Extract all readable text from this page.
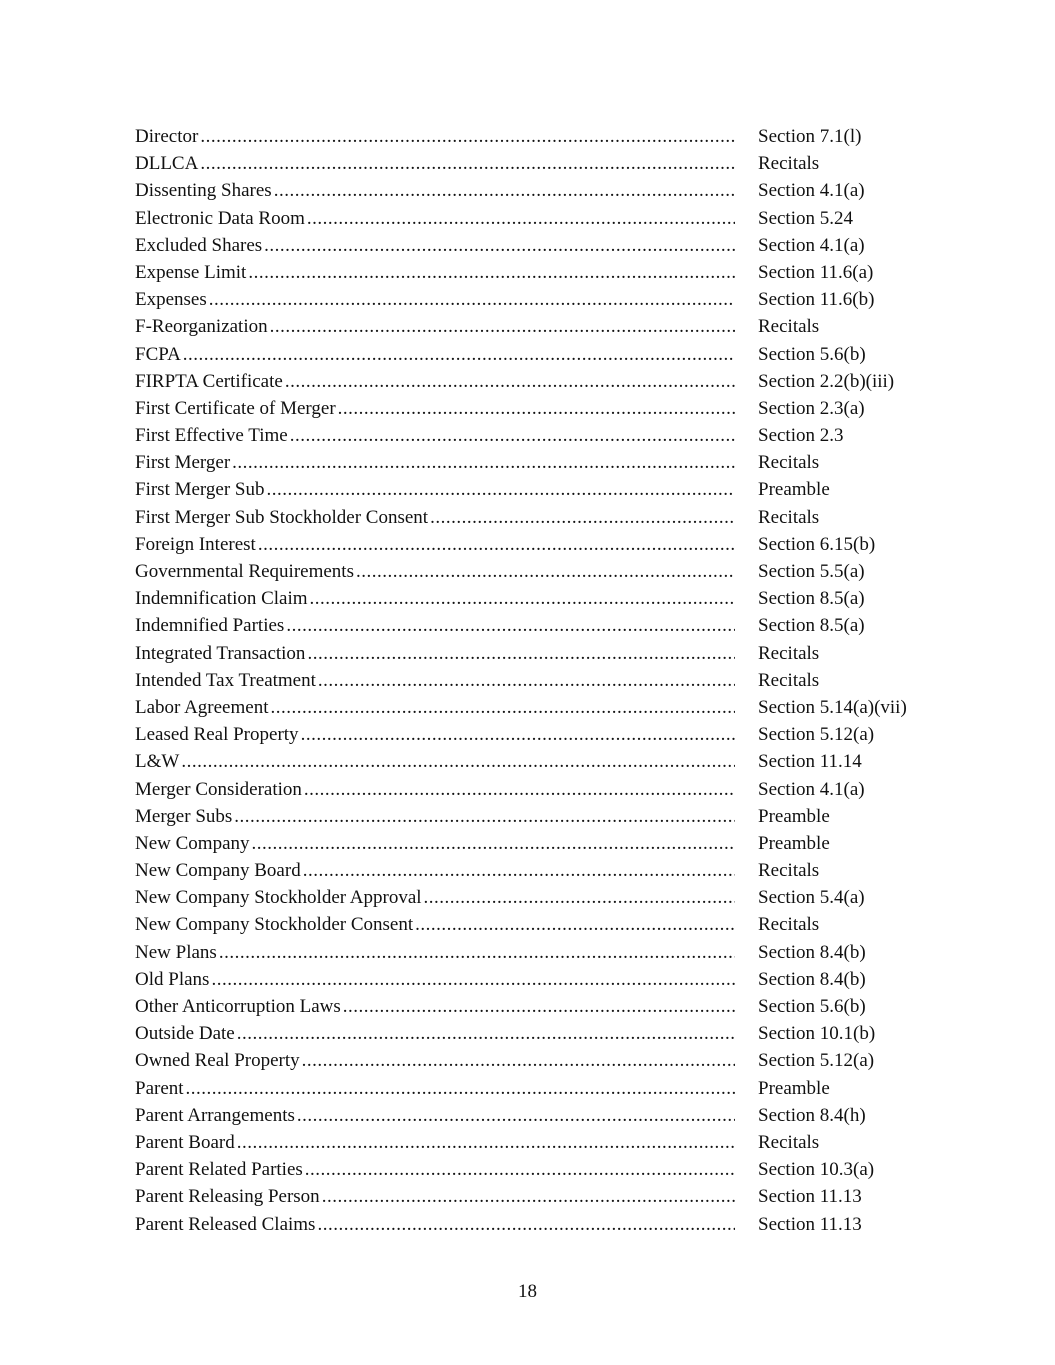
Director .....	Section 7.1(l)
DLLCA .....	Recitals
Dissenting Shares .....	Section 4.1(a)
Electronic Data Room .....	Section 5.24
Excluded Shares .....	Section 4.1(a)
Expense Limit .....	Section 11.6(a)
Expenses .....	Section 11.6(b)
F-Reorganization .....	Recitals
FCPA .....	Section 5.6(b)
FIRPTA Certificate .....	Section 2.2(b)(iii)
First Certificate of Merger .....	Section 2.3(a)
First Effective Time .....	Section 2.3
First Merger .....	Recitals
First Merger Sub .....	Preamble
First Merger Sub Stockholder Consent .....	Recitals
Foreign Interest .....	Section 6.15(b)
Governmental Requirements .....	Section 5.5(a)
Indemnification Claim .....	Section 8.5(a)
Indemnified Parties .....	Section 8.5(a)
Integrated Transaction .....	Recitals
Intended Tax Treatment .....	Recitals
Labor Agreement .....	Section 5.14(a)(vii)
Leased Real Property .....	Section 5.12(a)
L&W .....	Section 11.14
Merger Consideration .....	Section 4.1(a)
Merger Subs .....	Preamble
New Company .....	Preamble
New Company Board .....	Recitals
New Company Stockholder Approval .....	Section 5.4(a)
New Company Stockholder Consent .....	Recitals
New Plans .....	Section 8.4(b)
Old Plans .....	Section 8.4(b)
Other Anticorruption Laws .....	Section 5.6(b)
Outside Date .....	Section 10.1(b)
Owned Real Property .....	Section 5.12(a)
Parent .....	Preamble
Parent Arrangements .....	Section 8.4(h)
Parent Board .....	Recitals
Parent Related Parties .....	Section 10.3(a)
Parent Releasing Person .....	Section 11.13
Parent Released Claims .....	Section 11.13
18
